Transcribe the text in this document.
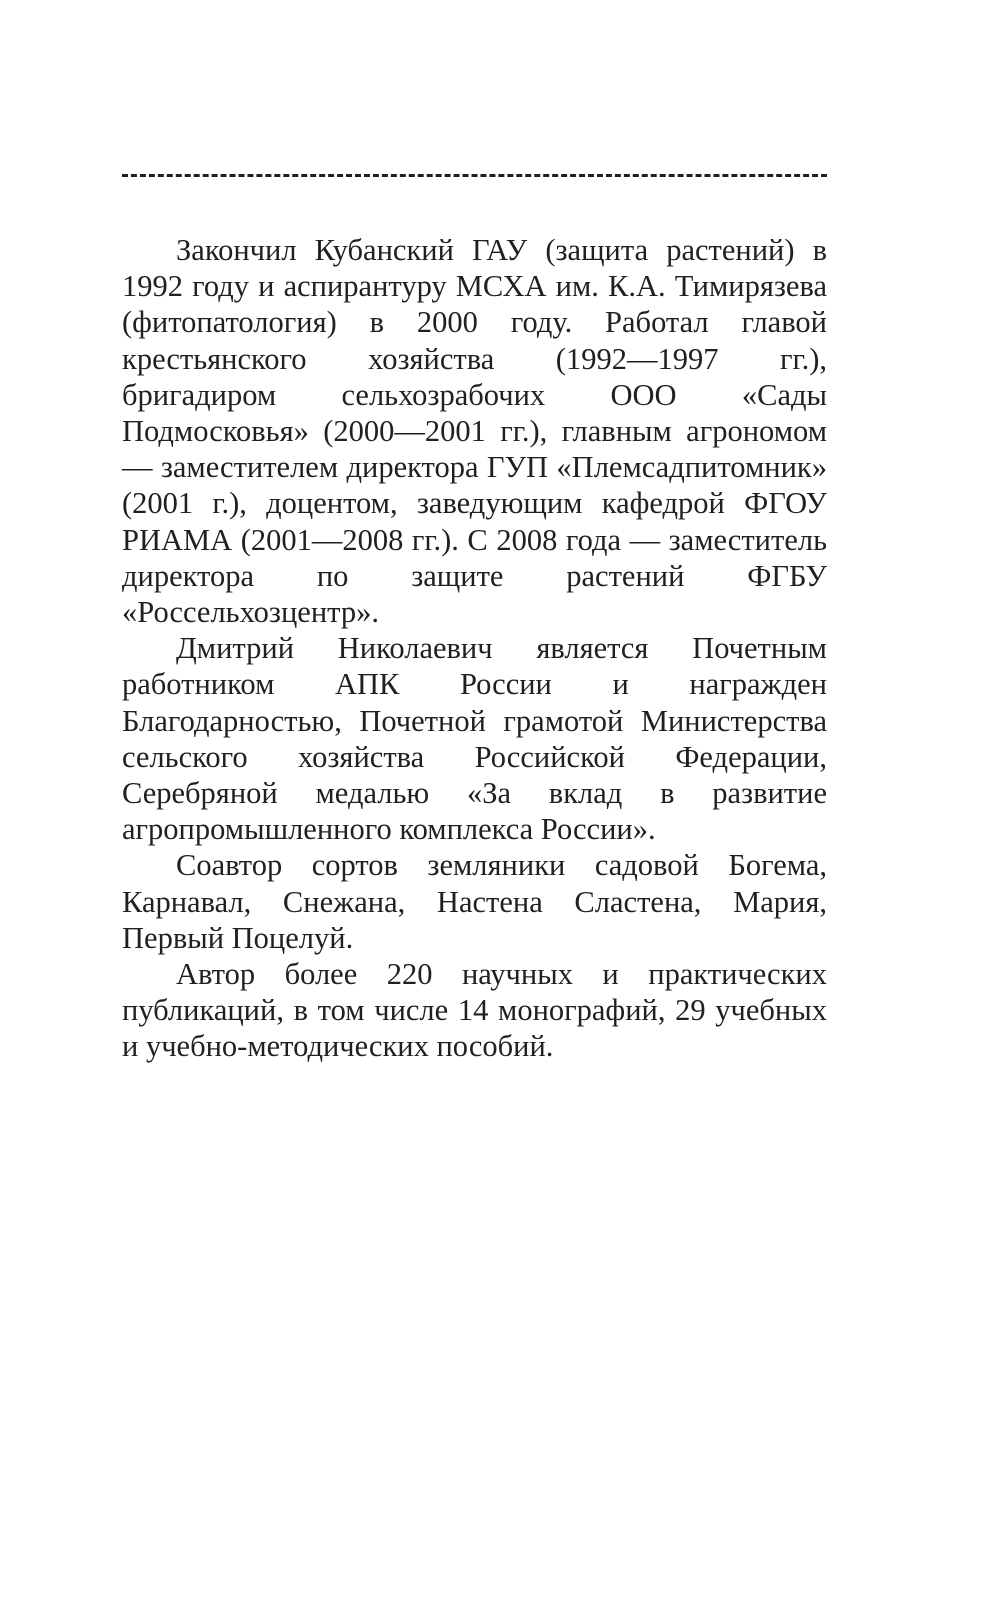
Закончил Кубанский ГАУ (защита растений) в 1992 году и аспирантуру МСХА им. К.А. Тимирязева (фитопатология) в 2000 году. Работал главой крестьянского хозяйства (1992—1997 гг.), бригадиром сельхозрабочих ООО «Сады Подмосковья» (2000—2001 гг.), главным агрономом — заместителем директора ГУП «Племсадпитомник» (2001 г.), доцентом, заведующим кафедрой ФГОУ РИАМА (2001—2008 гг.). С 2008 года — заместитель директора по защите растений ФГБУ «Россельхозцентр».

Дмитрий Николаевич является Почетным работником АПК России и награжден Благодарностью, Почетной грамотой Министерства сельского хозяйства Российской Федерации, Серебряной медалью «За вклад в развитие агропромышленного комплекса России».

Соавтор сортов земляники садовой Богема, Карнавал, Снежана, Настена Сластена, Мария, Первый Поцелуй.

Автор более 220 научных и практических публикаций, в том числе 14 монографий, 29 учебных и учебно-методических пособий.
